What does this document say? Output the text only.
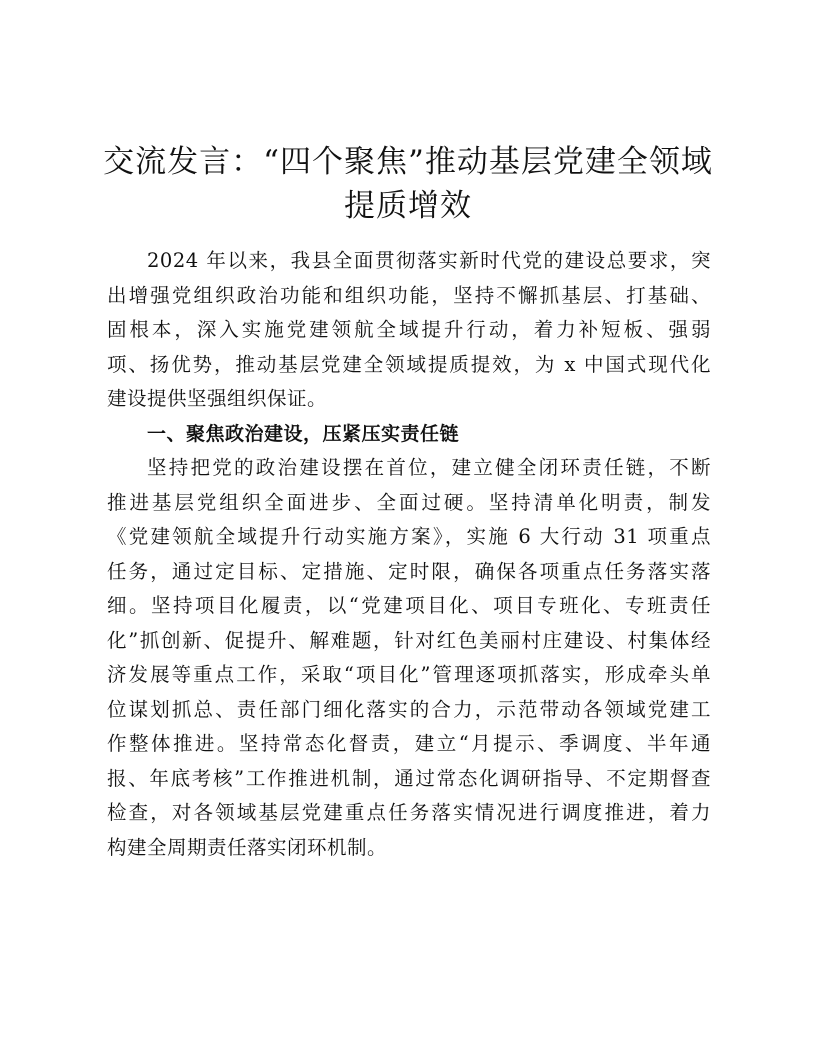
交流发言：“四个聚焦”推动基层党建全领域
提质增效
2024 年以来，我县全面贯彻落实新时代党的建设总要求，突
出增强党组织政治功能和组织功能，坚持不懈抓基层、打基础、
固根本，深入实施党建领航全域提升行动，着力补短板、强弱
项、扬优势，推动基层党建全领域提质提效，为 x 中国式现代化
建设提供坚强组织保证。
一、聚焦政治建设，压紧压实责任链
坚持把党的政治建设摆在首位，建立健全闭环责任链，不断
推进基层党组织全面进步、全面过硬。坚持清单化明责，制发
《党建领航全域提升行动实施方案》，实施 6 大行动 31 项重点
任务，通过定目标、定措施、定时限，确保各项重点任务落实落
细。坚持项目化履责，以“党建项目化、项目专班化、专班责任
化”抓创新、促提升、解难题，针对红色美丽村庄建设、村集体经
济发展等重点工作，采取“项目化”管理逐项抓落实，形成牵头单
位谋划抓总、责任部门细化落实的合力，示范带动各领域党建工
作整体推进。坚持常态化督责，建立“月提示、季调度、半年通
报、年底考核”工作推进机制，通过常态化调研指导、不定期督查
检查，对各领域基层党建重点任务落实情况进行调度推进，着力
构建全周期责任落实闭环机制。
